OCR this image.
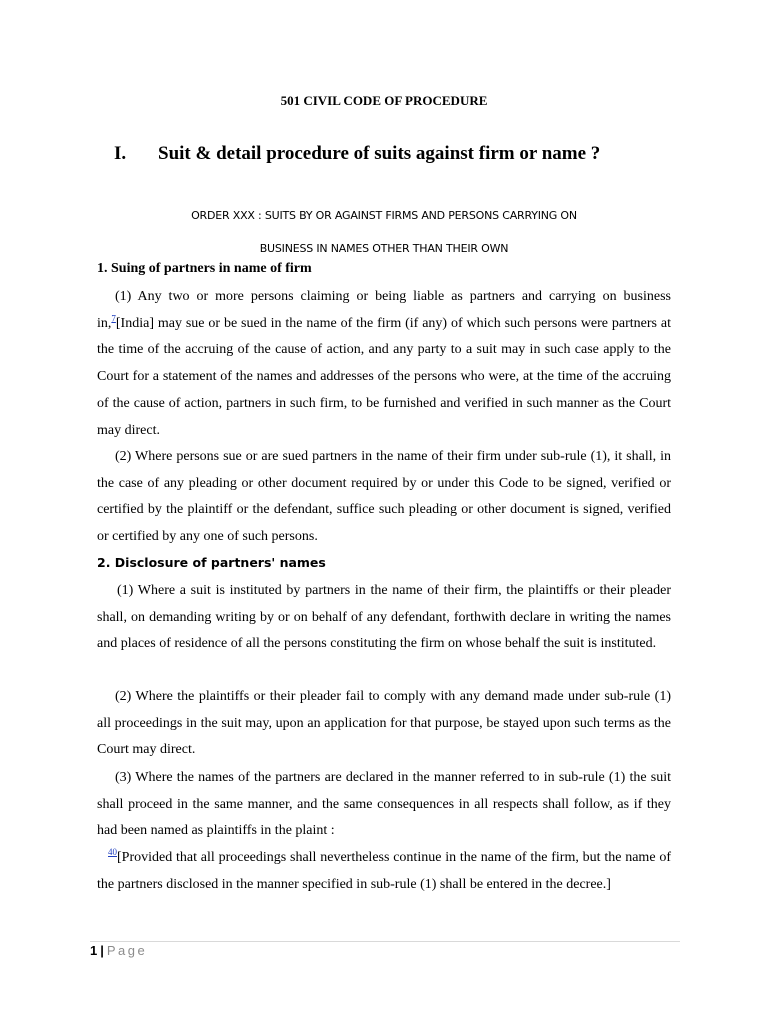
501 CIVIL CODE OF PROCEDURE
I. Suit & detail procedure of suits against firm or name ?
ORDER XXX : SUITS BY OR AGAINST FIRMS AND PERSONS CARRYING ON
BUSINESS IN NAMES OTHER THAN THEIR OWN
1. Suing of partners in name of firm

(1) Any two or more persons claiming or being liable as partners and carrying on business in,$^7$[India] may sue or be sued in the name of the firm (if any) of which such persons were partners at the time of the accruing of the cause of action, and any party to a suit may in such case apply to the Court for a statement of the names and addresses of the persons who were, at the time of the accruing of the cause of action, partners in such firm, to be furnished and verified in such manner as the Court may direct.

(2) Where persons sue or are sued partners in the name of their firm under sub-rule (1), it shall, in the case of any pleading or other document required by or under this Code to be signed, verified or certified by the plaintiff or the defendant, suffice such pleading or other document is signed, verified or certified by any one of such persons.

2. Disclosure of partners' names

(1) Where a suit is instituted by partners in the name of their firm, the plaintiffs or their pleader shall, on demanding writing by or on behalf of any defendant, forthwith declare in writing the names and places of residence of all the persons constituting the firm on whose behalf the suit is instituted.

(2) Where the plaintiffs or their pleader fail to comply with any demand made under sub-rule (1) all proceedings in the suit may, upon an application for that purpose, be stayed upon such terms as the Court may direct.

(3) Where the names of the partners are declared in the manner referred to in sub-rule (1) the suit shall proceed in the same manner, and the same consequences in all respects shall follow, as if they had been named as plaintiffs in the plaint :

40[Provided that all proceedings shall nevertheless continue in the name of the firm, but the name of the partners disclosed in the manner specified in sub-rule (1) shall be entered in the decree.]

1 | Page
